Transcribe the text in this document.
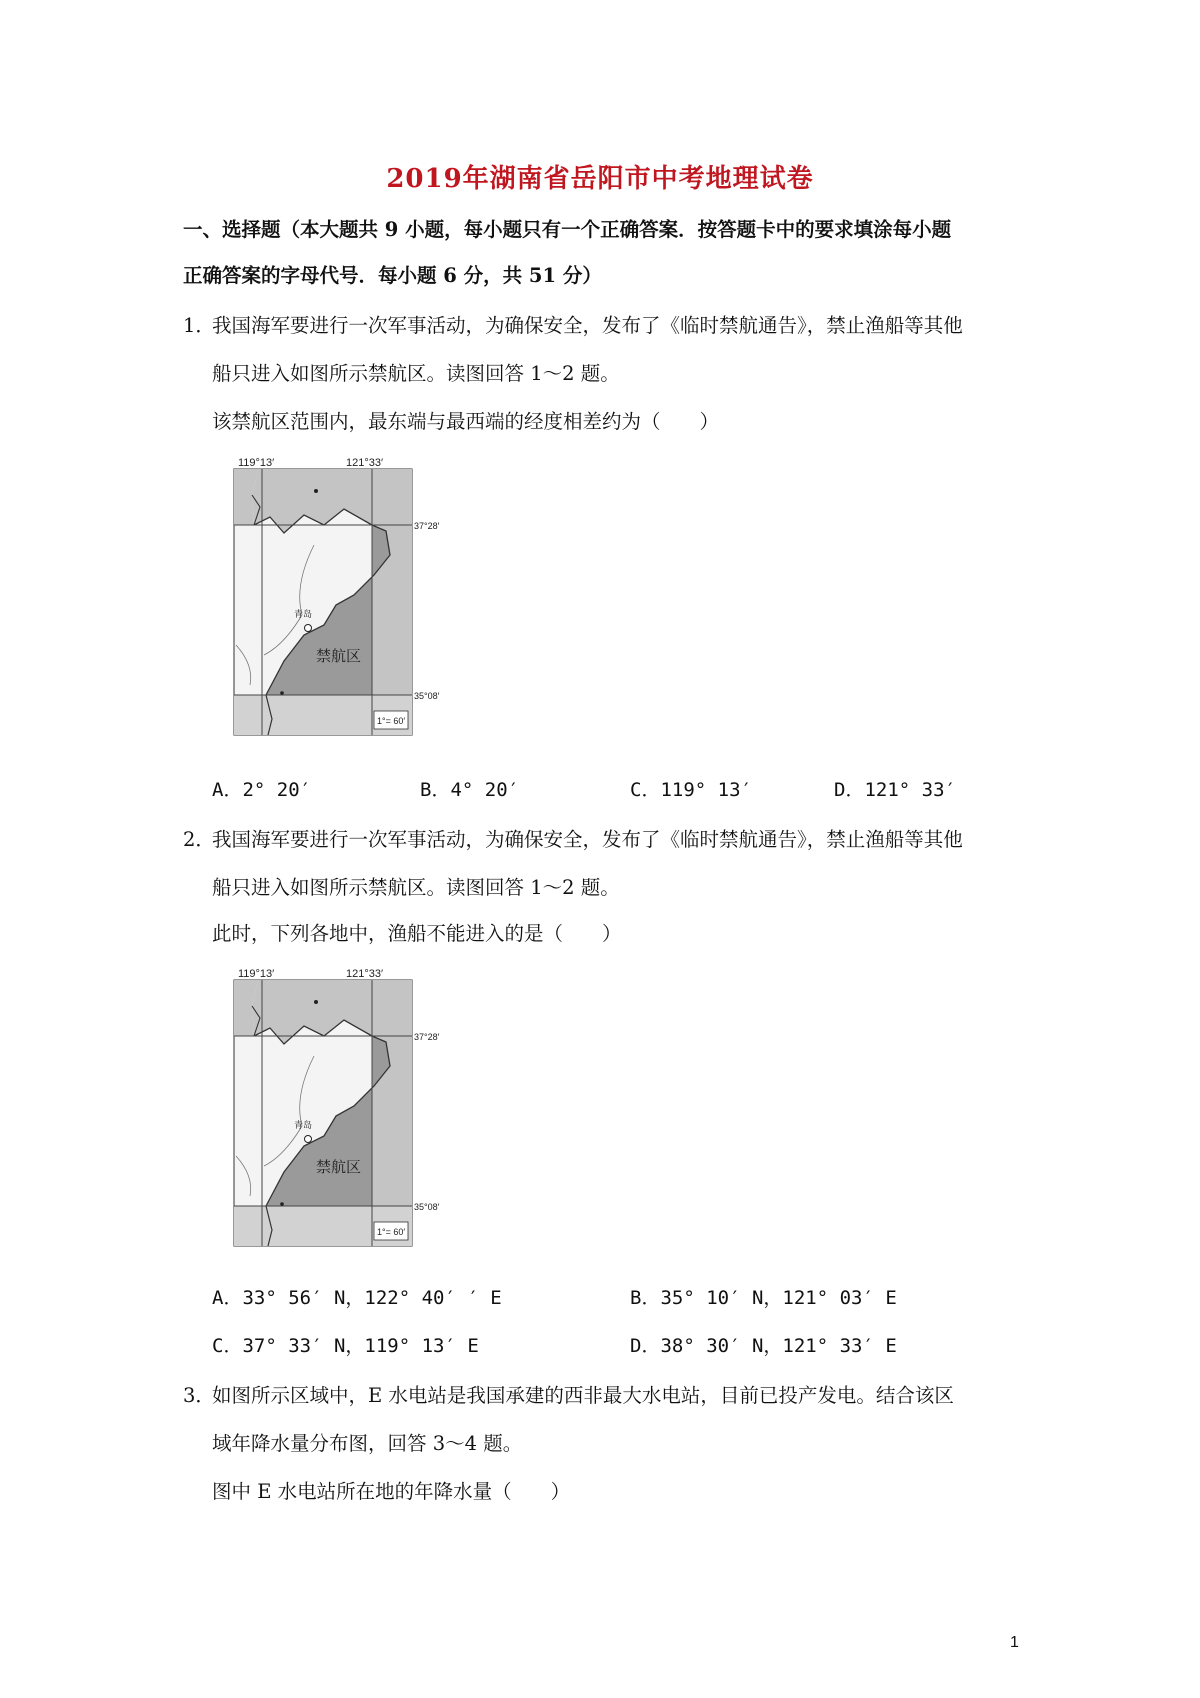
2019年湖南省岳阳市中考地理试卷
一、选择题（本大题共 9 小题，每小题只有一个正确答案．按答题卡中的要求填涂每小题
正确答案的字母代号．每小题 6 分，共 51 分）
1．
我国海军要进行一次军事活动，为确保安全，发布了《临时禁航通告》，禁止渔船等其他
船只进入如图所示禁航区。读图回答 1～2 题。
该禁航区范围内，最东端与最西端的经度相差约为（　　）
119°13′	121°33′
37°28′
35°08′
青岛
禁航区
1°= 60′
A．2° 20′	B．4° 20′	C．119° 13′	D．121° 33′
2．
我国海军要进行一次军事活动，为确保安全，发布了《临时禁航通告》，禁止渔船等其他
船只进入如图所示禁航区。读图回答 1～2 题。
此时，下列各地中，渔船不能进入的是（　　）
119°13′	121°33′
37°28′
35°08′
青岛
禁航区
1°= 60′
A．33° 56′ N，122° 40′ ′ E	B．35° 10′ N，121° 03′ E
C．37° 33′ N，119° 13′ E	D．38° 30′ N，121° 33′ E
3．
如图所示区域中，E 水电站是我国承建的西非最大水电站，目前已投产发电。结合该区
域年降水量分布图，回答 3～4 题。
图中 E 水电站所在地的年降水量（　　）
1
